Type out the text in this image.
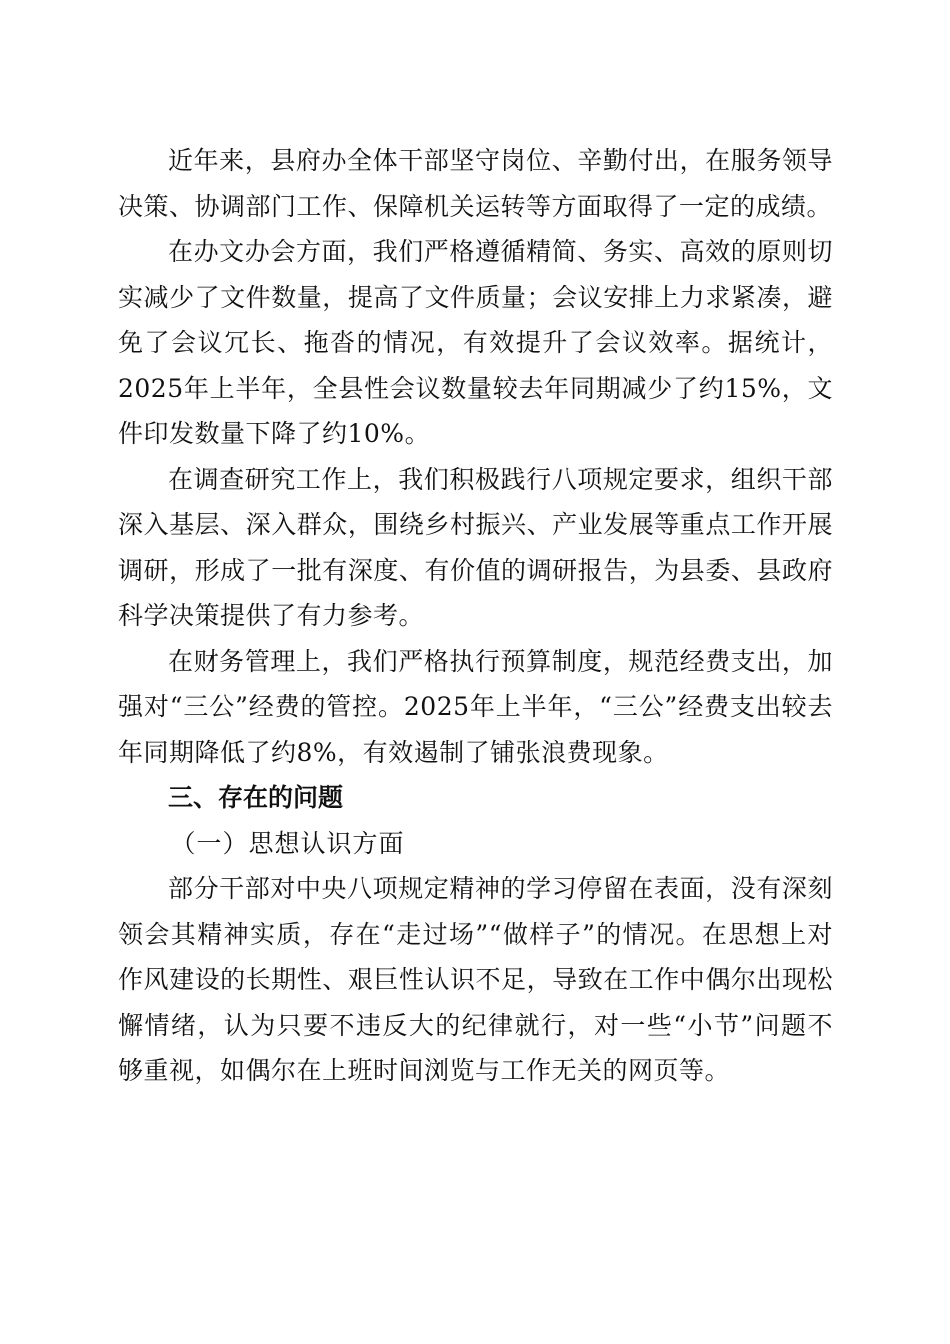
近年来，县府办全体干部坚守岗位、辛勤付出，在服务领导决策、协调部门工作、保障机关运转等方面取得了一定的成绩。

在办文办会方面，我们严格遵循精简、务实、高效的原则切实减少了文件数量，提高了文件质量；会议安排上力求紧凑，避免了会议冗长、拖沓的情况，有效提升了会议效率。据统计，2025年上半年，全县性会议数量较去年同期减少了约15%，文件印发数量下降了约10%。

在调查研究工作上，我们积极践行八项规定要求，组织干部深入基层、深入群众，围绕乡村振兴、产业发展等重点工作开展调研，形成了一批有深度、有价值的调研报告，为县委、县政府科学决策提供了有力参考。

在财务管理上，我们严格执行预算制度，规范经费支出，加强对“三公”经费的管控。2025年上半年，“三公”经费支出较去年同期降低了约8%，有效遏制了铺张浪费现象。

三、存在的问题

（一）思想认识方面

部分干部对中央八项规定精神的学习停留在表面，没有深刻领会其精神实质，存在“走过场”“做样子”的情况。在思想上对作风建设的长期性、艰巨性认识不足，导致在工作中偶尔出现松懈情绪，认为只要不违反大的纪律就行，对一些“小节”问题不够重视，如偶尔在上班时间浏览与工作无关的网页等。
